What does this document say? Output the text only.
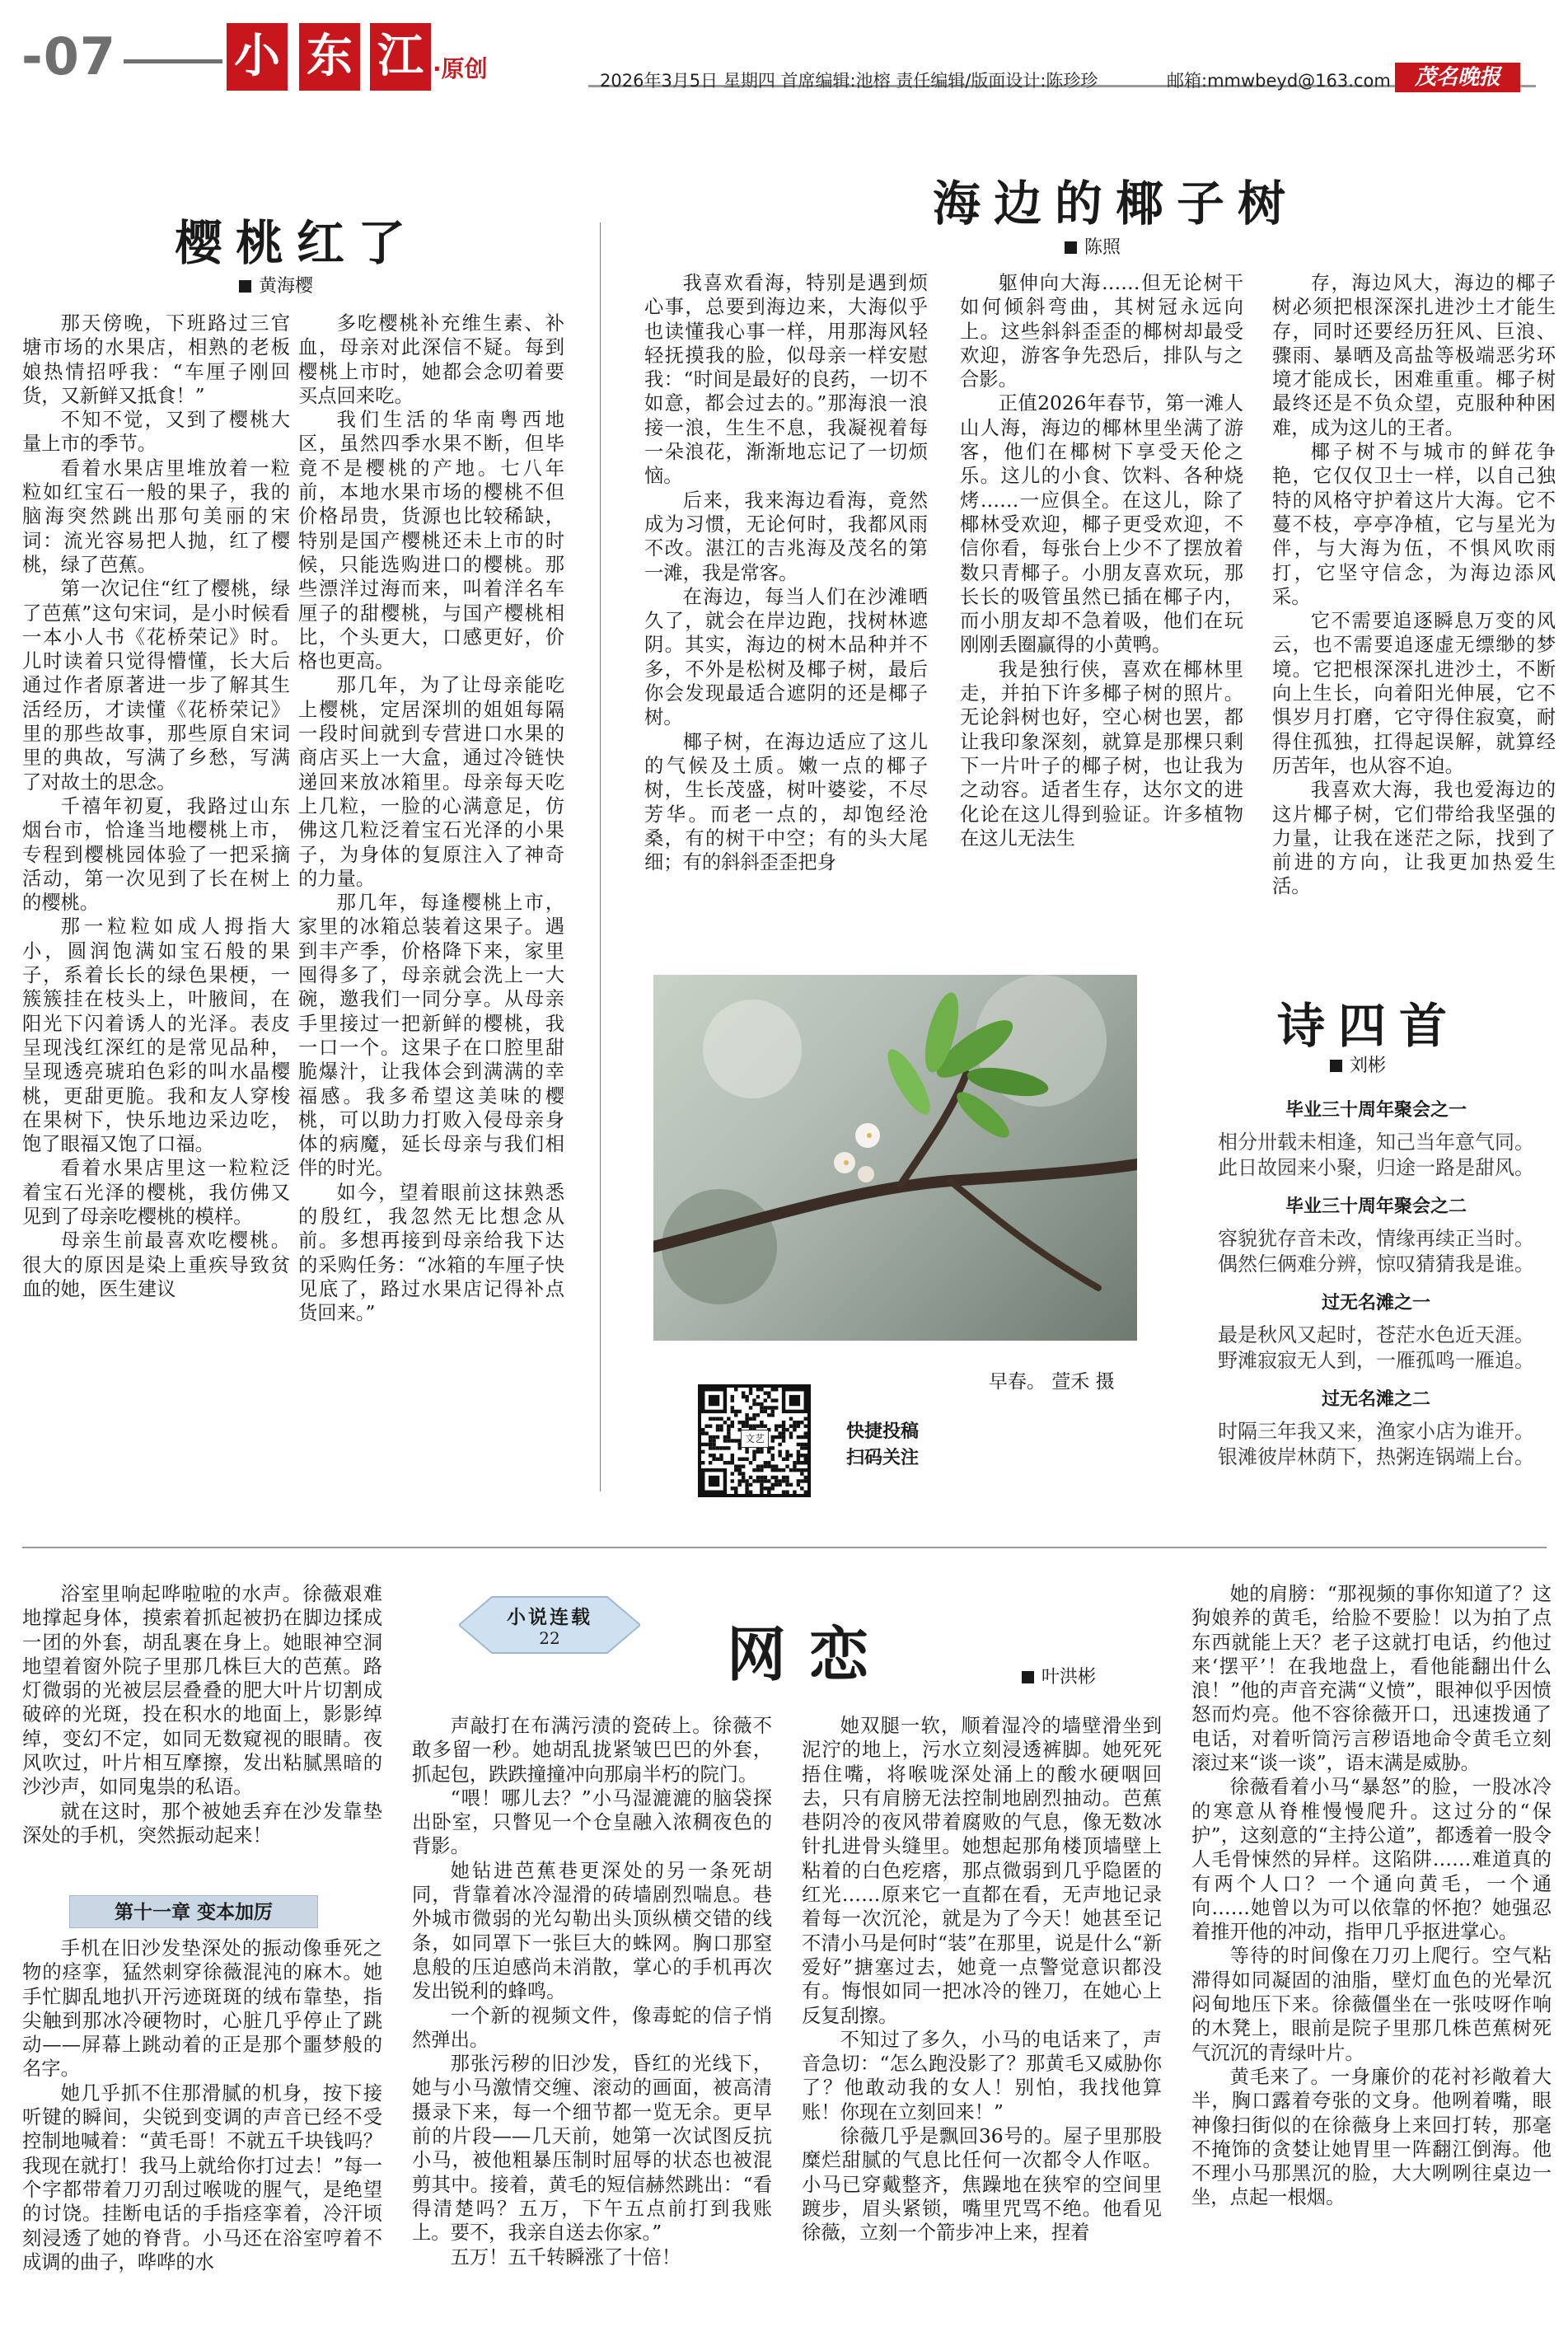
-07	小 东 江 ·原创	2026年3月5日 星期四 首席编辑:池榕 责任编辑/版面设计:陈珍珍	邮箱:mmwbeyd@163.com	茂名晚报
樱桃红了
黄海樱

那天傍晚，下班路过三官塘市场的水果店，相熟的老板娘热情招呼我：“车厘子刚回货，又新鲜又抵食！”

不知不觉，又到了樱桃大量上市的季节。

看着水果店里堆放着一粒粒如红宝石一般的果子，我的脑海突然跳出那句美丽的宋词：流光容易把人抛，红了樱桃，绿了芭蕉。

第一次记住“红了樱桃，绿了芭蕉”这句宋词，是小时候看一本小人书《花桥荣记》时。儿时读着只觉得懵懂，长大后通过作者原著进一步了解其生活经历，才读懂《花桥荣记》里的那些故事，那些原自宋词里的典故，写满了乡愁，写满了对故土的思念。

千禧年初夏，我路过山东烟台市，恰逢当地樱桃上市，专程到樱桃园体验了一把采摘活动，第一次见到了长在树上的樱桃。

那一粒粒如成人拇指大小，圆润饱满如宝石般的果子，系着长长的绿色果梗，一簇簇挂在枝头上，叶腋间，在阳光下闪着诱人的光泽。表皮呈现浅红深红的是常见品种，呈现透亮琥珀色彩的叫水晶樱桃，更甜更脆。我和友人穿梭在果树下，快乐地边采边吃，饱了眼福又饱了口福。

看着水果店里这一粒粒泛着宝石光泽的樱桃，我仿佛又见到了母亲吃樱桃的模样。

母亲生前最喜欢吃樱桃。很大的原因是染上重疾导致贫血的她，医生建议

多吃樱桃补充维生素、补血，母亲对此深信不疑。每到樱桃上市时，她都会念叨着要买点回来吃。

我们生活的华南粤西地区，虽然四季水果不断，但毕竟不是樱桃的产地。七八年前，本地水果市场的樱桃不但价格昂贵，货源也比较稀缺，特别是国产樱桃还未上市的时候，只能选购进口的樱桃。那些漂洋过海而来，叫着洋名车厘子的甜樱桃，与国产樱桃相比，个头更大，口感更好，价格也更高。

那几年，为了让母亲能吃上樱桃，定居深圳的姐姐每隔一段时间就到专营进口水果的商店买上一大盒，通过冷链快递回来放冰箱里。母亲每天吃上几粒，一脸的心满意足，仿佛这几粒泛着宝石光泽的小果子，为身体的复原注入了神奇的力量。

那几年，每逢樱桃上市，家里的冰箱总装着这果子。遇到丰产季，价格降下来，家里囤得多了，母亲就会洗上一大碗，邀我们一同分享。从母亲手里接过一把新鲜的樱桃，我一口一个。这果子在口腔里甜脆爆汁，让我体会到满满的幸福感。我多希望这美味的樱桃，可以助力打败入侵母亲身体的病魔，延长母亲与我们相伴的时光。

如今，望着眼前这抹熟悉的殷红，我忽然无比想念从前。多想再接到母亲给我下达的采购任务：“冰箱的车厘子快见底了，路过水果店记得补点货回来。”

海边的椰子树
陈照

我喜欢看海，特别是遇到烦心事，总要到海边来，大海似乎也读懂我心事一样，用那海风轻轻抚摸我的脸，似母亲一样安慰我：“时间是最好的良药，一切不如意，都会过去的。”那海浪一浪接一浪，生生不息，我凝视着每一朵浪花，渐渐地忘记了一切烦恼。

后来，我来海边看海，竟然成为习惯，无论何时，我都风雨不改。湛江的吉兆海及茂名的第一滩，我是常客。

在海边，每当人们在沙滩晒久了，就会在岸边跑，找树林遮阴。其实，海边的树木品种并不多，不外是松树及椰子树，最后你会发现最适合遮阴的还是椰子树。

椰子树，在海边适应了这儿的气候及土质。嫩一点的椰子树，生长茂盛，树叶婆娑，不尽芳华。而老一点的，却饱经沧桑，有的树干中空；有的头大尾细；有的斜斜歪歪把身

躯伸向大海……但无论树干如何倾斜弯曲，其树冠永远向上。这些斜斜歪歪的椰树却最受欢迎，游客争先恐后，排队与之合影。

正值2026年春节，第一滩人山人海，海边的椰林里坐满了游客，他们在椰树下享受天伦之乐。这儿的小食、饮料、各种烧烤……一应俱全。在这儿，除了椰林受欢迎，椰子更受欢迎，不信你看，每张台上少不了摆放着数只青椰子。小朋友喜欢玩，那长长的吸管虽然已插在椰子内，而小朋友却不急着吸，他们在玩刚刚丢圈赢得的小黄鸭。

我是独行侠，喜欢在椰林里走，并拍下许多椰子树的照片。无论斜树也好，空心树也罢，都让我印象深刻，就算是那棵只剩下一片叶子的椰子树，也让我为之动容。适者生存，达尔文的进化论在这儿得到验证。许多植物在这儿无法生

存，海边风大，海边的椰子树必须把根深深扎进沙土才能生存，同时还要经历狂风、巨浪、骤雨、暴晒及高盐等极端恶劣环境才能成长，困难重重。椰子树最终还是不负众望，克服种种困难，成为这儿的王者。

椰子树不与城市的鲜花争艳，它仅仅卫士一样，以自己独特的风格守护着这片大海。它不蔓不枝，亭亭净植，它与星光为伴，与大海为伍，不惧风吹雨打，它坚守信念，为海边添风采。

它不需要追逐瞬息万变的风云，也不需要追逐虚无缥缈的梦境。它把根深深扎进沙土，不断向上生长，向着阳光伸展，它不惧岁月打磨，它守得住寂寞，耐得住孤独，扛得起误解，就算经历苦年，也从容不迫。

我喜欢大海，我也爱海边的这片椰子树，它们带给我坚强的力量，让我在迷茫之际，找到了前进的方向，让我更加热爱生活。

早春。 萱禾 摄
文艺	快捷投稿
扫码关注
诗四首
刘彬
毕业三十周年聚会之一
相分卅载未相逢，知己当年意气同。
此日故园来小聚，归途一路是甜风。
毕业三十周年聚会之二
容貌犹存音未改，情缘再续正当时。
偶然仨俩难分辨，惊叹猜猜我是谁。
过无名滩之一
最是秋风又起时，苍茫水色近天涯。
野滩寂寂无人到，一雁孤鸣一雁追。
过无名滩之二
时隔三年我又来，渔家小店为谁开。
银滩彼岸林荫下，热粥连锅端上台。
小说连载
22	网恋	叶洪彬

浴室里响起哗啦啦的水声。徐薇艰难地撑起身体，摸索着抓起被扔在脚边揉成一团的外套，胡乱裹在身上。她眼神空洞地望着窗外院子里那几株巨大的芭蕉。路灯微弱的光被层层叠叠的肥大叶片切割成破碎的光斑，投在积水的地面上，影影绰绰，变幻不定，如同无数窥视的眼睛。夜风吹过，叶片相互摩擦，发出粘腻黑暗的沙沙声，如同鬼祟的私语。

就在这时，那个被她丢弃在沙发靠垫深处的手机，突然振动起来！

第十一章 变本加厉

手机在旧沙发垫深处的振动像垂死之物的痉挛，猛然刺穿徐薇混沌的麻木。她手忙脚乱地扒开污迹斑斑的绒布靠垫，指尖触到那冰冷硬物时，心脏几乎停止了跳动——屏幕上跳动着的正是那个噩梦般的名字。

她几乎抓不住那滑腻的机身，按下接听键的瞬间，尖锐到变调的声音已经不受控制地喊着：“黄毛哥！不就五千块钱吗？我现在就打！我马上就给你打过去！”每一个字都带着刀刃刮过喉咙的腥气，是绝望的讨饶。挂断电话的手指痉挛着，冷汗顷刻浸透了她的脊背。小马还在浴室哼着不成调的曲子，哗哗的水

声敲打在布满污渍的瓷砖上。徐薇不敢多留一秒。她胡乱拢紧皱巴巴的外套，抓起包，跌跌撞撞冲向那扇半朽的院门。

“喂！哪儿去？”小马湿漉漉的脑袋探出卧室，只瞥见一个仓皇融入浓稠夜色的背影。

她钻进芭蕉巷更深处的另一条死胡同，背靠着冰冷湿滑的砖墙剧烈喘息。巷外城市微弱的光勾勒出头顶纵横交错的线条，如同罩下一张巨大的蛛网。胸口那窒息般的压迫感尚未消散，掌心的手机再次发出锐利的蜂鸣。

一个新的视频文件，像毒蛇的信子悄然弹出。

那张污秽的旧沙发，昏红的光线下，她与小马激情交缠、滚动的画面，被高清摄录下来，每一个细节都一览无余。更早前的片段——几天前，她第一次试图反抗小马，被他粗暴压制时屈辱的状态也被混剪其中。接着，黄毛的短信赫然跳出：“看得清楚吗？五万，下午五点前打到我账上。要不，我亲自送去你家。”

五万！五千转瞬涨了十倍！

她双腿一软，顺着湿冷的墙壁滑坐到泥泞的地上，污水立刻浸透裤脚。她死死捂住嘴，将喉咙深处涌上的酸水硬咽回去，只有肩膀无法控制地剧烈抽动。芭蕉巷阴冷的夜风带着腐败的气息，像无数冰针扎进骨头缝里。她想起那角楼顶墙壁上粘着的白色疙瘩，那点微弱到几乎隐匿的红光……原来它一直都在看，无声地记录着每一次沉沦，就是为了今天！她甚至记不清小马是何时“装”在那里，说是什么“新爱好”搪塞过去，她竟一点警觉意识都没有。悔恨如同一把冰冷的锉刀，在她心上反复刮擦。

不知过了多久，小马的电话来了，声音急切：“怎么跑没影了？那黄毛又威胁你了？他敢动我的女人！别怕，我找他算账！你现在立刻回来！”

徐薇几乎是飘回36号的。屋子里那股糜烂甜腻的气息比任何一次都令人作呕。小马已穿戴整齐，焦躁地在狭窄的空间里踱步，眉头紧锁，嘴里咒骂不绝。他看见徐薇，立刻一个箭步冲上来，捏着

她的肩膀：“那视频的事你知道了？这狗娘养的黄毛，给脸不要脸！以为拍了点东西就能上天？老子这就打电话，约他过来‘摆平’！在我地盘上，看他能翻出什么浪！”他的声音充满“义愤”，眼神似乎因愤怒而灼亮。他不容徐薇开口，迅速拨通了电话，对着听筒污言秽语地命令黄毛立刻滚过来“谈一谈”，语末满是威胁。

徐薇看着小马“暴怒”的脸，一股冰冷的寒意从脊椎慢慢爬升。这过分的“保护”，这刻意的“主持公道”，都透着一股令人毛骨悚然的异样。这陷阱……难道真的有两个人口？一个通向黄毛，一个通向……她曾以为可以依靠的怀抱？她强忍着推开他的冲动，指甲几乎抠进掌心。

等待的时间像在刀刃上爬行。空气粘滞得如同凝固的油脂，壁灯血色的光晕沉闷甸地压下来。徐薇僵坐在一张吱呀作响的木凳上，眼前是院子里那几株芭蕉树死气沉沉的青绿叶片。

黄毛来了。一身廉价的花衬衫敞着大半，胸口露着夸张的文身。他咧着嘴，眼神像扫街似的在徐薇身上来回打转，那毫不掩饰的贪婪让她胃里一阵翻江倒海。他不理小马那黑沉的脸，大大咧咧往桌边一坐，点起一根烟。
